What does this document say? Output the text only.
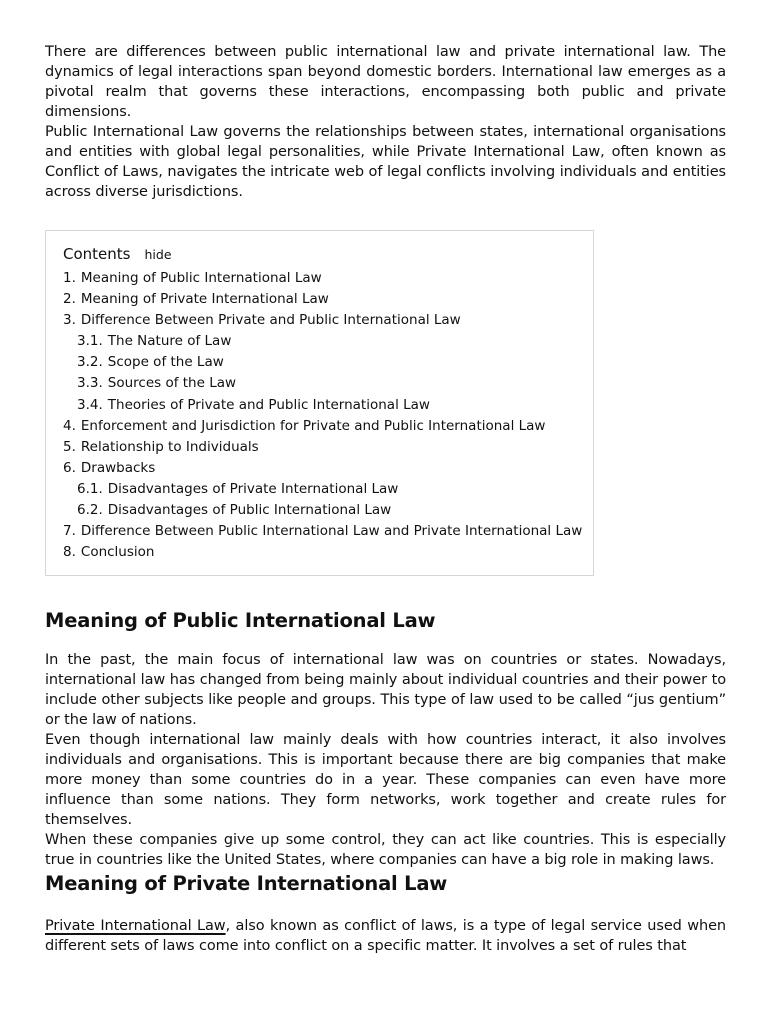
There are differences between public international law and private international law. The dynamics of legal interactions span beyond domestic borders. International law emerges as a pivotal realm that governs these interactions, encompassing both public and private dimensions.

Public International Law governs the relationships between states, international organisations and entities with global legal personalities, while Private International Law, often known as Conflict of Laws, navigates the intricate web of legal conflicts involving individuals and entities across diverse jurisdictions.

Contents hide
1. Meaning of Public International Law
2. Meaning of Private International Law
3. Difference Between Private and Public International Law
3.1. The Nature of Law
3.2. Scope of the Law
3.3. Sources of the Law
3.4. Theories of Private and Public International Law
4. Enforcement and Jurisdiction for Private and Public International Law
5. Relationship to Individuals
6. Drawbacks
6.1. Disadvantages of Private International Law
6.2. Disadvantages of Public International Law
7. Difference Between Public International Law and Private International Law
8. Conclusion
Meaning of Public International Law

In the past, the main focus of international law was on countries or states. Nowadays, international law has changed from being mainly about individual countries and their power to include other subjects like people and groups. This type of law used to be called “jus gentium” or the law of nations.

Even though international law mainly deals with how countries interact, it also involves individuals and organisations. This is important because there are big companies that make more money than some countries do in a year. These companies can even have more influence than some nations. They form networks, work together and create rules for themselves.

When these companies give up some control, they can act like countries. This is especially true in countries like the United States, where companies can have a big role in making laws.

Meaning of Private International Law

Private International Law, also known as conflict of laws, is a type of legal service used when different sets of laws come into conflict on a specific matter. It involves a set of rules that
